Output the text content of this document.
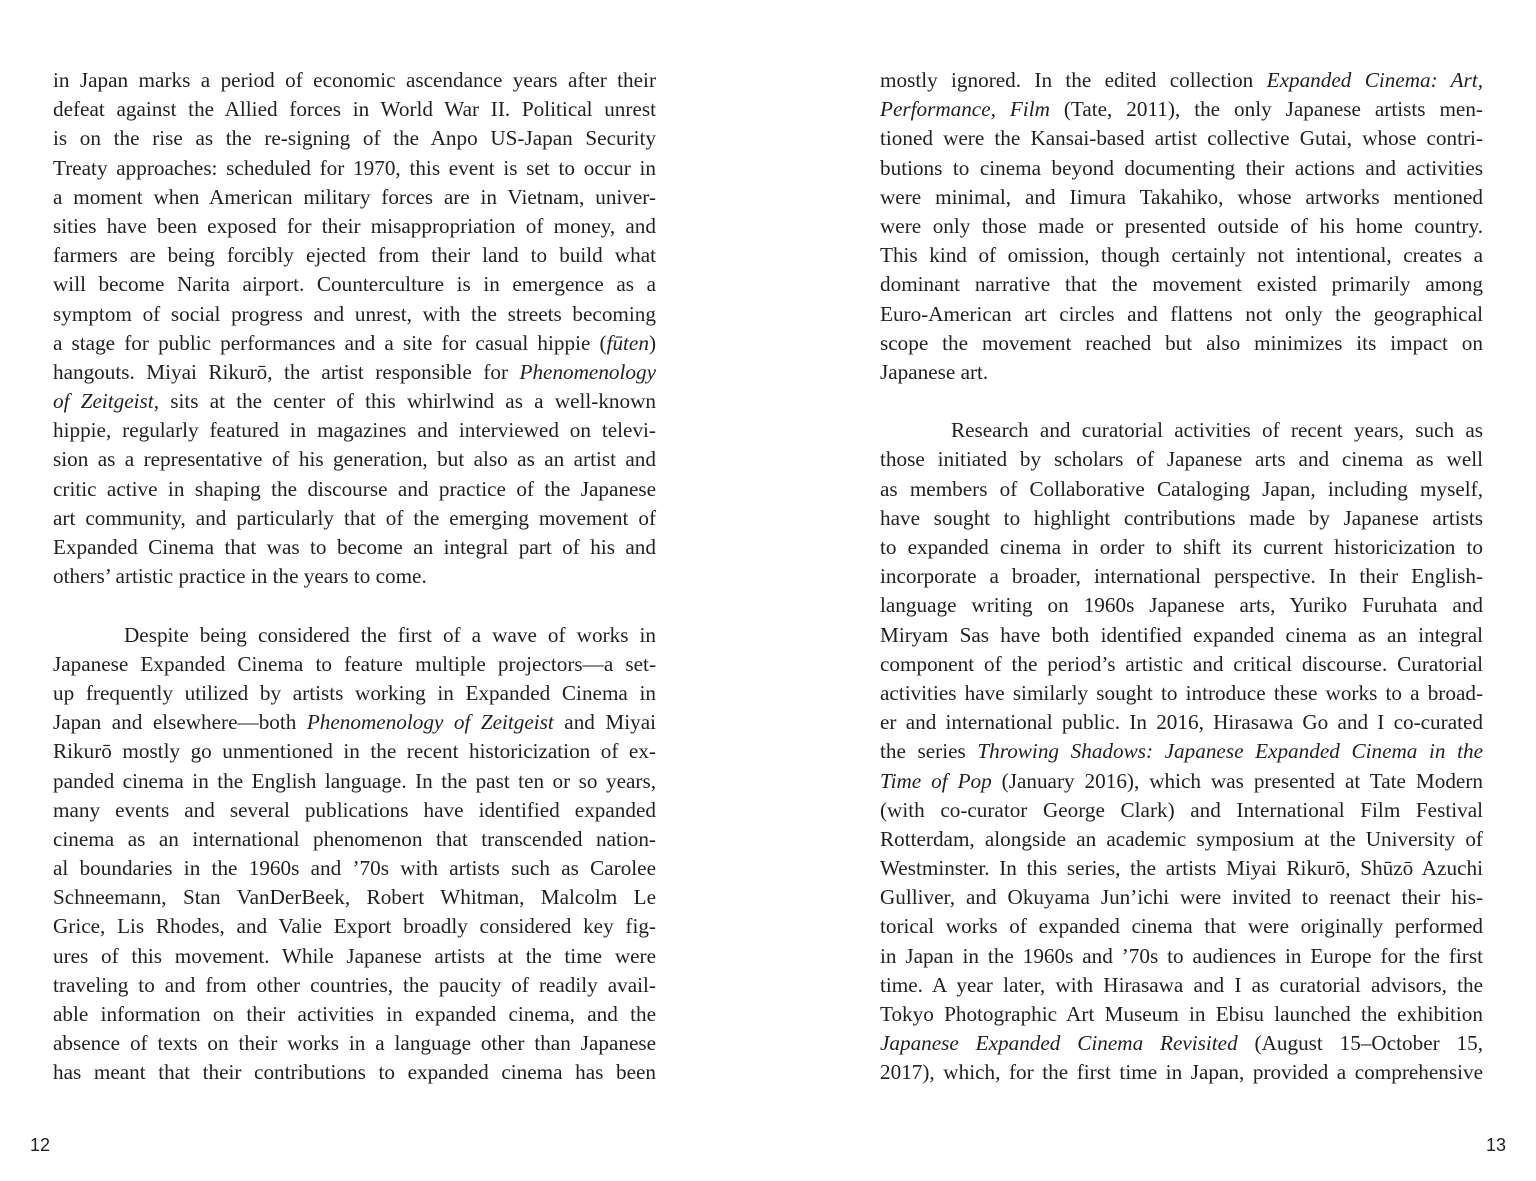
in Japan marks a period of economic ascendance years after their
defeat against the Allied forces in World War II. Political unrest
is on the rise as the re-signing of the Anpo US-Japan Security
Treaty approaches: scheduled for 1970, this event is set to occur in
a moment when American military forces are in Vietnam, univer-
sities have been exposed for their misappropriation of money, and
farmers are being forcibly ejected from their land to build what
will become Narita airport. Counterculture is in emergence as a
symptom of social progress and unrest, with the streets becoming
a stage for public performances and a site for casual hippie (fūten)
hangouts. Miyai Rikurō, the artist responsible for Phenomenology
of Zeitgeist, sits at the center of this whirlwind as a well-known
hippie, regularly featured in magazines and interviewed on televi-
sion as a representative of his generation, but also as an artist and
critic active in shaping the discourse and practice of the Japanese
art community, and particularly that of the emerging movement of
Expanded Cinema that was to become an integral part of his and
others’ artistic practice in the years to come.
Despite being considered the first of a wave of works in
Japanese Expanded Cinema to feature multiple projectors—a set-
up frequently utilized by artists working in Expanded Cinema in
Japan and elsewhere—both Phenomenology of Zeitgeist and Miyai
Rikurō mostly go unmentioned in the recent historicization of ex-
panded cinema in the English language. In the past ten or so years,
many events and several publications have identified expanded
cinema as an international phenomenon that transcended nation-
al boundaries in the 1960s and ’70s with artists such as Carolee
Schneemann, Stan VanDerBeek, Robert Whitman, Malcolm Le
Grice, Lis Rhodes, and Valie Export broadly considered key fig-
ures of this movement. While Japanese artists at the time were
traveling to and from other countries, the paucity of readily avail-
able information on their activities in expanded cinema, and the
absence of texts on their works in a language other than Japanese
has meant that their contributions to expanded cinema has been
mostly ignored. In the edited collection Expanded Cinema: Art,
Performance, Film (Tate, 2011), the only Japanese artists men-
tioned were the Kansai-based artist collective Gutai, whose contri-
butions to cinema beyond documenting their actions and activities
were minimal, and Iimura Takahiko, whose artworks mentioned
were only those made or presented outside of his home country.
This kind of omission, though certainly not intentional, creates a
dominant narrative that the movement existed primarily among
Euro-American art circles and flattens not only the geographical
scope the movement reached but also minimizes its impact on
Japanese art.
Research and curatorial activities of recent years, such as
those initiated by scholars of Japanese arts and cinema as well
as members of Collaborative Cataloging Japan, including myself,
have sought to highlight contributions made by Japanese artists
to expanded cinema in order to shift its current historicization to
incorporate a broader, international perspective. In their English-
language writing on 1960s Japanese arts, Yuriko Furuhata and
Miryam Sas have both identified expanded cinema as an integral
component of the period’s artistic and critical discourse. Curatorial
activities have similarly sought to introduce these works to a broad-
er and international public. In 2016, Hirasawa Go and I co-curated
the series Throwing Shadows: Japanese Expanded Cinema in the
Time of Pop (January 2016), which was presented at Tate Modern
(with co-curator George Clark) and International Film Festival
Rotterdam, alongside an academic symposium at the University of
Westminster. In this series, the artists Miyai Rikurō, Shūzō Azuchi
Gulliver, and Okuyama Jun’ichi were invited to reenact their his-
torical works of expanded cinema that were originally performed
in Japan in the 1960s and ’70s to audiences in Europe for the first
time. A year later, with Hirasawa and I as curatorial advisors, the
Tokyo Photographic Art Museum in Ebisu launched the exhibition
Japanese Expanded Cinema Revisited (August 15–October 15,
2017), which, for the first time in Japan, provided a comprehensive
12	13
